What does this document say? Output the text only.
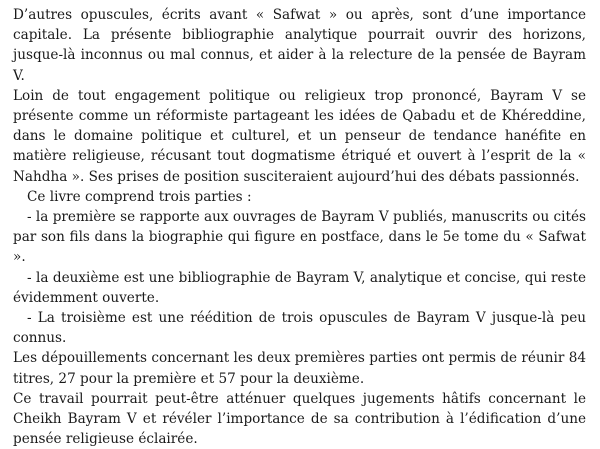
D’autres opuscules, écrits avant « Safwat » ou après, sont d’une importance capitale. La présente bibliographie analytique pourrait ouvrir des horizons, jusque-là inconnus ou mal connus, et aider à la relecture de la pensée de Bayram V.

Loin de tout engagement politique ou religieux trop prononcé, Bayram V se présente comme un réformiste partageant les idées de Qabadu et de Khéreddine, dans le domaine politique et culturel, et un penseur de tendance hanéfite en matière religieuse, récusant tout dogmatisme étriqué et ouvert à l’esprit de la « Nahdha ». Ses prises de position susciteraient aujourd’hui des débats passionnés.

Ce livre comprend trois parties :

- la première se rapporte aux ouvrages de Bayram V publiés, manuscrits ou cités par son fils dans la biographie qui figure en postface, dans le 5e tome du « Safwat ».

- la deuxième est une bibliographie de Bayram V, analytique et concise, qui reste évidemment ouverte.

- La troisième est une réédition de trois opuscules de Bayram V jusque-là peu connus.

Les dépouillements concernant les deux premières parties ont permis de réunir 84 titres, 27 pour la première et 57 pour la deuxième.

Ce travail pourrait peut-être atténuer quelques jugements hâtifs concernant le Cheikh Bayram V et révéler l’importance de sa contribution à l’édification d’une pensée religieuse éclairée.
